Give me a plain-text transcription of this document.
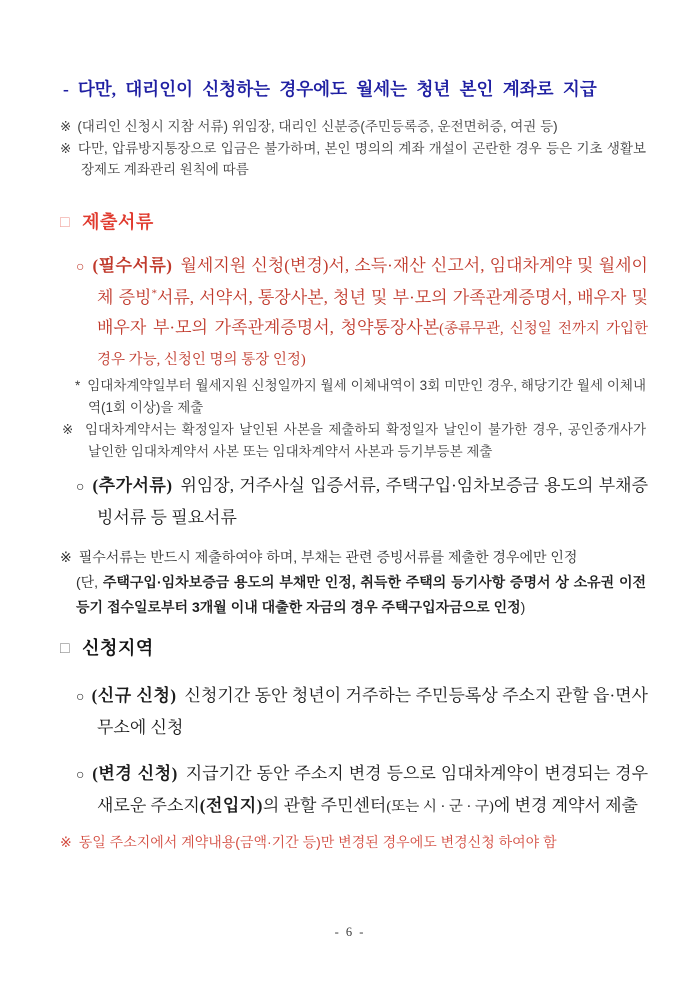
- 다만, 대리인이 신청하는 경우에도 월세는 청년 본인 계좌로 지급

※ (대리인 신청시 지참 서류) 위임장, 대리인 신분증(주민등록증, 운전면허증, 여권 등)

※ 다만, 압류방지통장으로 입금은 불가하며, 본인 명의의 계좌 개설이 곤란한 경우 등은 기초 생활보장제도 계좌관리 원칙에 따름

□ 제출서류

○ (필수서류) 월세지원 신청(변경)서, 소득·재산 신고서, 임대차계약 및 월세이체 증빙*서류, 서약서, 통장사본, 청년 및 부·모의 가족관계증명서, 배우자 및 배우자 부·모의 가족관계증명서, 청약통장사본(종류무관, 신청일 전까지 가입한 경우 가능, 신청인 명의 통장 인정)

* 임대차계약일부터 월세지원 신청일까지 월세 이체내역이 3회 미만인 경우, 해당기간 월세 이체내역(1회 이상)을 제출

※ 임대차계약서는 확정일자 날인된 사본을 제출하되 확정일자 날인이 불가한 경우, 공인중개사가 날인한 임대차계약서 사본 또는 임대차계약서 사본과 등기부등본 제출

○ (추가서류) 위임장, 거주사실 입증서류, 주택구입·임차보증금 용도의 부채증빙서류 등 필요서류

※ 필수서류는 반드시 제출하여야 하며, 부채는 관련 증빙서류를 제출한 경우에만 인정

(단, 주택구입·임차보증금 용도의 부채만 인정, 취득한 주택의 등기사항 증명서 상 소유권 이전 등기 접수일로부터 3개월 이내 대출한 자금의 경우 주택구입자금으로 인정)

□ 신청지역

○ (신규 신청) 신청기간 동안 청년이 거주하는 주민등록상 주소지 관할 읍·면사무소에 신청

○ (변경 신청) 지급기간 동안 주소지 변경 등으로 임대차계약이 변경되는 경우 새로운 주소지(전입지)의 관할 주민센터(또는 시 · 군 · 구)에 변경 계약서 제출

※ 동일 주소지에서 계약내용(금액·기간 등)만 변경된 경우에도 변경신청 하여야 함

- 6 -
